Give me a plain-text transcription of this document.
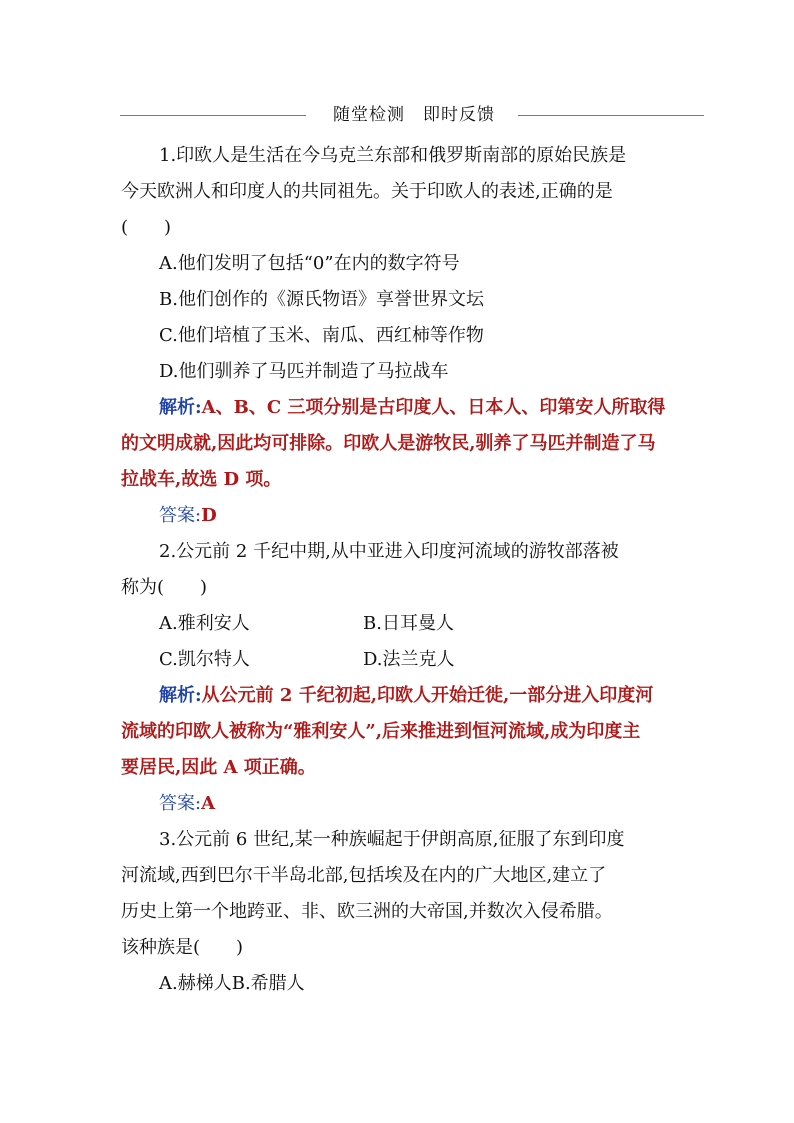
随堂检测　即时反馈
1.印欧人是生活在今乌克兰东部和俄罗斯南部的原始民族是
今天欧洲人和印度人的共同祖先。关于印欧人的表述,正确的是
(　　)
A.他们发明了包括“0”在内的数字符号
B.他们创作的《源氏物语》享誉世界文坛
C.他们培植了玉米、南瓜、西红柿等作物
D.他们驯养了马匹并制造了马拉战车
解析:A、B、C 三项分别是古印度人、日本人、印第安人所取得
的文明成就,因此均可排除。印欧人是游牧民,驯养了马匹并制造了马
拉战车,故选 D 项。
答案:D
2.公元前 2 千纪中期,从中亚进入印度河流域的游牧部落被
称为(　　)
A.雅利安人	B.日耳曼人
C.凯尔特人	D.法兰克人
解析:从公元前 2 千纪初起,印欧人开始迁徙,一部分进入印度河
流域的印欧人被称为“雅利安人”,后来推进到恒河流域,成为印度主
要居民,因此 A 项正确。
答案:A
3.公元前 6 世纪,某一种族崛起于伊朗高原,征服了东到印度
河流域,西到巴尔干半岛北部,包括埃及在内的广大地区,建立了
历史上第一个地跨亚、非、欧三洲的大帝国,并数次入侵希腊。
该种族是(　　)
A.赫梯人B.希腊人
